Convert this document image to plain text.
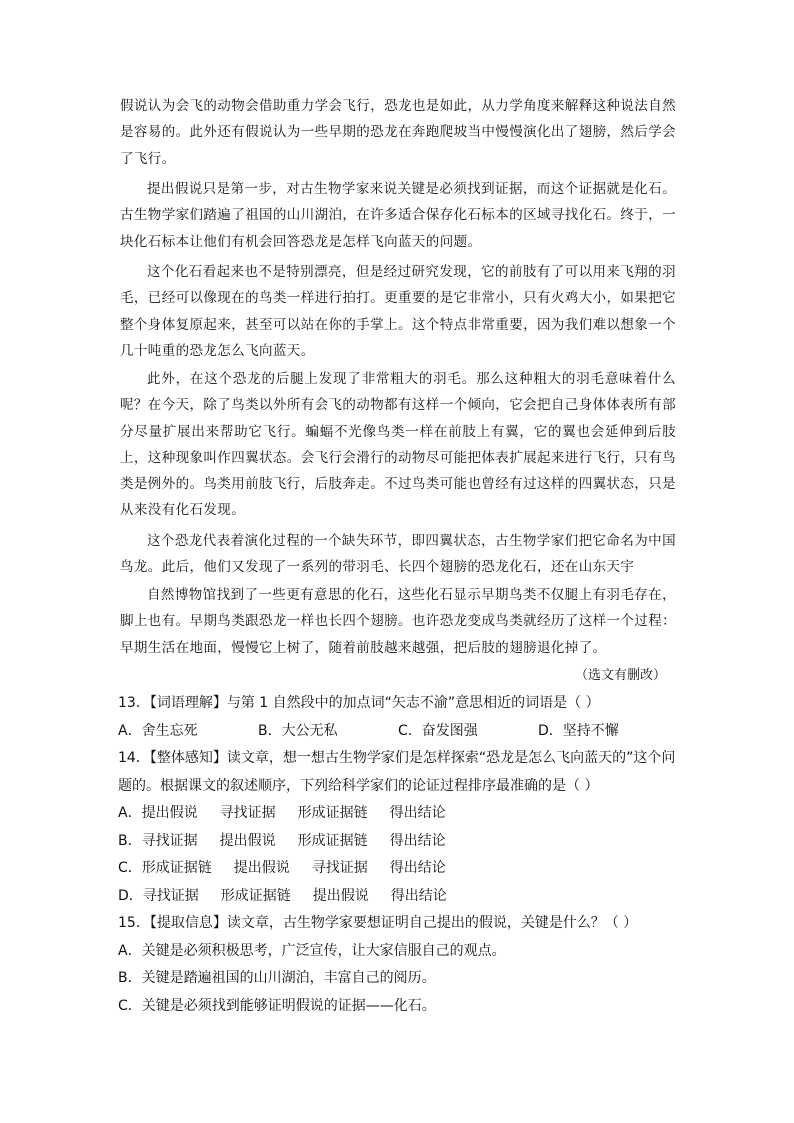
假说认为会飞的动物会借助重力学会飞行，恐龙也是如此，从力学角度来解释这种说法自然是容易的。此外还有假说认为一些早期的恐龙在奔跑爬坡当中慢慢演化出了翅膀，然后学会了飞行。
提出假说只是第一步，对古生物学家来说关键是必须找到证据，而这个证据就是化石。古生物学家们踏遍了祖国的山川湖泊，在许多适合保存化石标本的区域寻找化石。终于，一块化石标本让他们有机会回答恐龙是怎样飞向蓝天的问题。
这个化石看起来也不是特别漂亮，但是经过研究发现，它的前肢有了可以用来飞翔的羽毛，已经可以像现在的鸟类一样进行拍打。更重要的是它非常小，只有火鸡大小，如果把它整个身体复原起来，甚至可以站在你的手掌上。这个特点非常重要，因为我们难以想象一个几十吨重的恐龙怎么飞向蓝天。
此外，在这个恐龙的后腿上发现了非常粗大的羽毛。那么这种粗大的羽毛意味着什么呢？在今天，除了鸟类以外所有会飞的动物都有这样一个倾向，它会把自己身体体表所有部分尽量扩展出来帮助它飞行。蝙蝠不光像鸟类一样在前肢上有翼，它的翼也会延伸到后肢上，这种现象叫作四翼状态。会飞行会滑行的动物尽可能把体表扩展起来进行飞行，只有鸟类是例外的。鸟类用前肢飞行，后肢奔走。不过鸟类可能也曾经有过这样的四翼状态，只是从来没有化石发现。
这个恐龙代表着演化过程的一个缺失环节，即四翼状态，古生物学家们把它命名为中国鸟龙。此后，他们又发现了一系列的带羽毛、长四个翅膀的恐龙化石，还在山东天宇
自然博物馆找到了一些更有意思的化石，这些化石显示早期鸟类不仅腿上有羽毛存在，脚上也有。早期鸟类跟恐龙一样也长四个翅膀。也许恐龙变成鸟类就经历了这样一个过程：早期生活在地面，慢慢它上树了，随着前肢越来越强，把后肢的翅膀退化掉了。
（选文有删改）
13．【词语理解】与第 1 自然段中的加点词“矢志不渝”意思相近的词语是（ ）
A．舍生忘死	B．大公无私	C．奋发图强	D．坚持不懈
14．【整体感知】读文章，想一想古生物学家们是怎样探索“恐龙是怎么飞向蓝天的”这个问题的。根据课文的叙述顺序，下列给科学家们的论证过程排序最准确的是（ ）
A．提出假说 寻找证据 形成证据链 得出结论
B．寻找证据 提出假说 形成证据链 得出结论
C．形成证据链 提出假说 寻找证据 得出结论
D．寻找证据 形成证据链 提出假说 得出结论
15．【提取信息】读文章，古生物学家要想证明自己提出的假说，关键是什么？（ ）
A．关键是必须积极思考，广泛宣传，让大家信服自己的观点。
B．关键是踏遍祖国的山川湖泊，丰富自己的阅历。
C．关键是必须找到能够证明假说的证据——化石。
